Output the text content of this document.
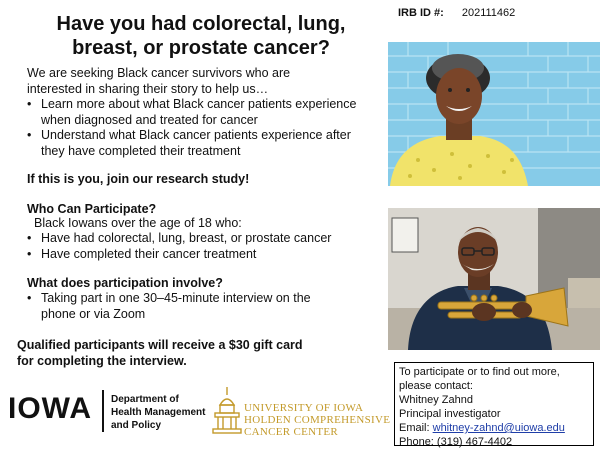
IRB ID #: 202111462
Have you had colorectal, lung,
breast, or prostate cancer?
We are seeking Black cancer survivors who are
interested in sharing their story to help us…
• Learn more about what Black cancer patients experience when diagnosed and treated for cancer
• Understand what Black cancer patients experience after they have completed their treatment
If this is you, join our research study!
Who Can Participate?
Black Iowans over the age of 18 who:
• Have had colorectal, lung, breast, or prostate cancer
• Have completed their cancer treatment
What does participation involve?
• Taking part in one 30–45-minute interview on the phone or via Zoom
Qualified participants will receive a $30 gift card for completing the interview.
To participate or to find out more,
please contact:
Whitney Zahnd
Principal investigator
Email: whitney-zahnd@uiowa.edu
Phone: (319) 467-4402
IOWA Department of
Health Management
and Policy
UNIVERSITY OF IOWA
HOLDEN COMPREHENSIVE
CANCER CENTER
